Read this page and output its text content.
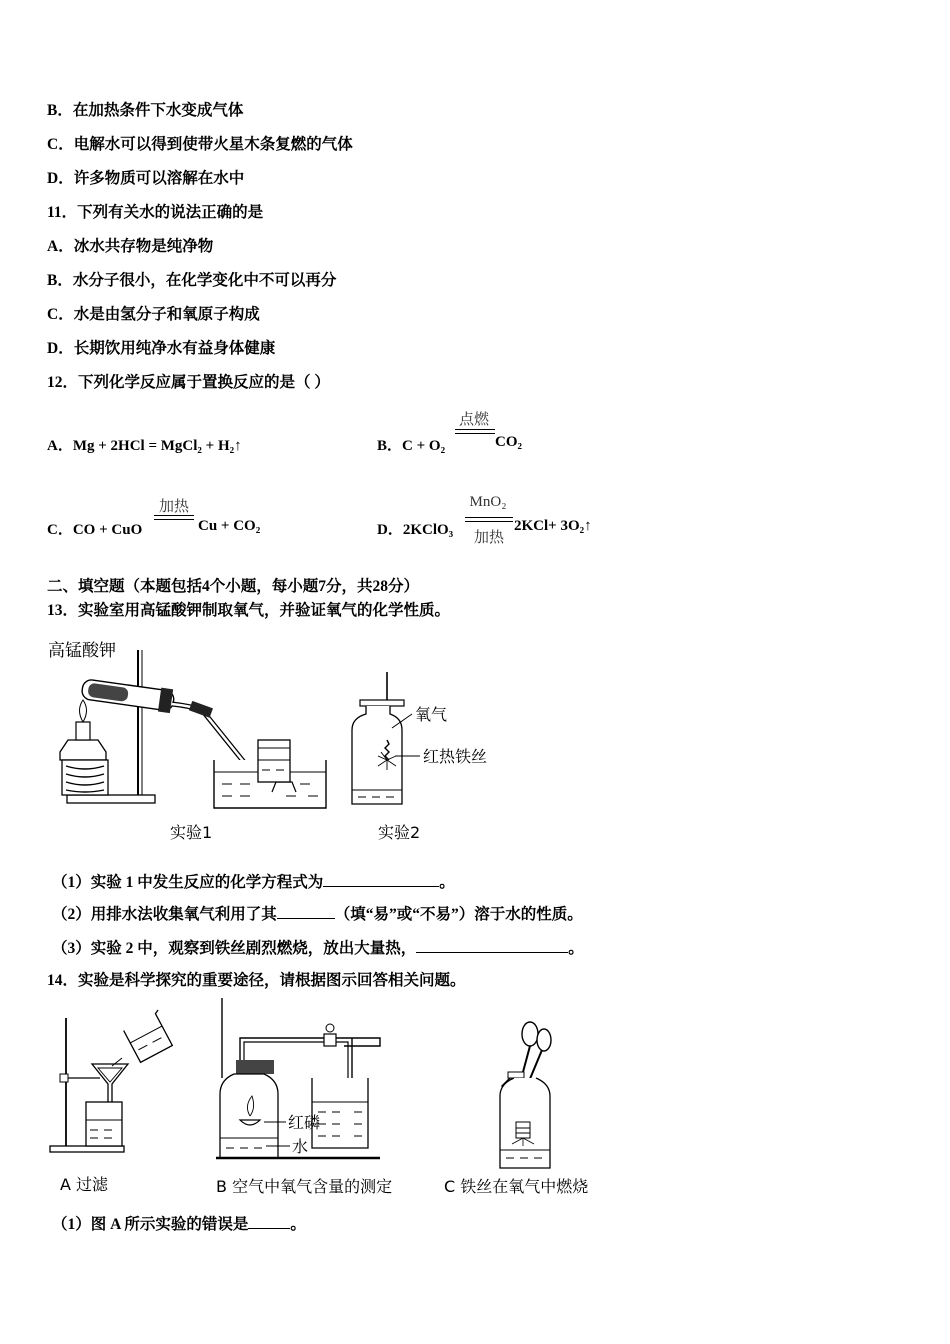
B．在加热条件下水变成气体
C．电解水可以得到使带火星木条复燃的气体
D．许多物质可以溶解在水中
11．下列有关水的说法正确的是
A．冰水共存物是纯净物
B．水分子很小，在化学变化中不可以再分
C．水是由氢分子和氧原子构成
D．长期饮用纯净水有益身体健康
12．下列化学反应属于置换反应的是（ ）
A．Mg + 2HCl = MgCl₂ + H₂↑	B．C + O₂
点燃
CO₂
C．CO + CuO
加热
Cu + CO₂	D．2KClO₃
MnO₂
加热
2KCl+ 3O₂↑
二、填空题（本题包括4个小题，每小题7分，共28分）
13．实验室用高锰酸钾制取氧气，并验证氧气的化学性质。
高锰酸钾
氧气
红热铁丝
实验1	实验2
（1）实验 1 中发生反应的化学方程式为	。
（2）用排水法收集氧气利用了其	（填“易”或“不易”）溶于水的性质。
（3）实验 2 中，观察到铁丝剧烈燃烧，放出大量热，	。
14．实验是科学探究的重要途径，请根据图示回答相关问题。
A 过滤
红磷
水
B 空气中氧气含量的测定	C 铁丝在氧气中燃烧
（1）图 A 所示实验的错误是	。
